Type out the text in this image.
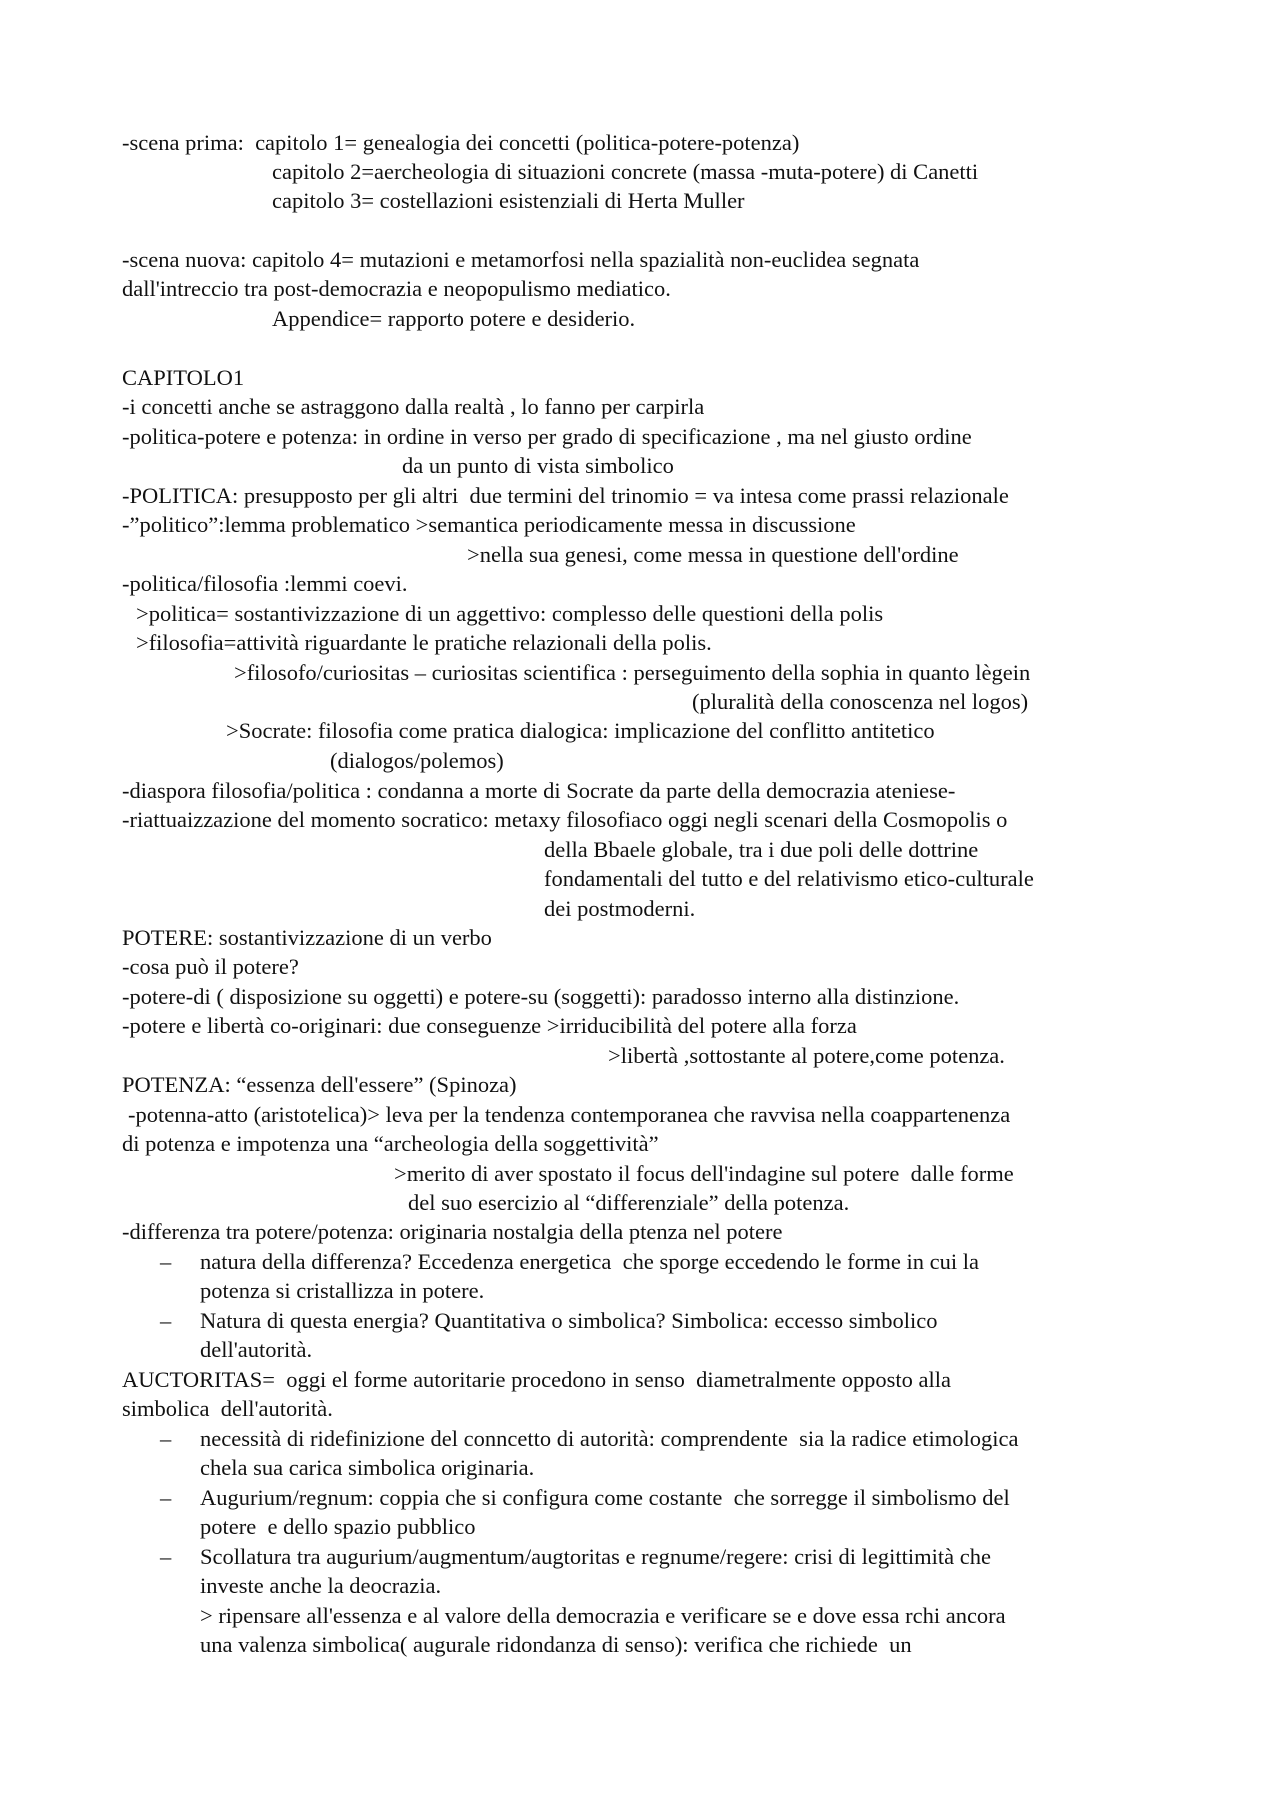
-scena prima:  capitolo 1= genealogia dei concetti (politica-potere-potenza)
capitolo 2=aercheologia di situazioni concrete (massa -muta-potere) di Canetti
capitolo 3= costellazioni esistenziali di Herta Muller
-scena nuova: capitolo 4= mutazioni e metamorfosi nella spazialità non-euclidea segnata
dall'intreccio tra post-democrazia e neopopulismo mediatico.
Appendice= rapporto potere e desiderio.
CAPITOLO1
-i concetti anche se astraggono dalla realtà , lo fanno per carpirla
-politica-potere e potenza: in ordine in verso per grado di specificazione , ma nel giusto ordine
da un punto di vista simbolico
-POLITICA: presupposto per gli altri  due termini del trinomio = va intesa come prassi relazionale
-”politico”:lemma problematico >semantica periodicamente messa in discussione
>nella sua genesi, come messa in questione dell'ordine
-politica/filosofia :lemmi coevi.
>politica= sostantivizzazione di un aggettivo: complesso delle questioni della polis
>filosofia=attività riguardante le pratiche relazionali della polis.
>filosofo/curiositas – curiositas scientifica : perseguimento della sophia in quanto lègein
(pluralità della conoscenza nel logos)
>Socrate: filosofia come pratica dialogica: implicazione del conflitto antitetico
(dialogos/polemos)
-diaspora filosofia/politica : condanna a morte di Socrate da parte della democrazia ateniese-
-riattuaizzazione del momento socratico: metaxy filosofiaco oggi negli scenari della Cosmopolis o
della Bbaele globale, tra i due poli delle dottrine
fondamentali del tutto e del relativismo etico-culturale
dei postmoderni.
POTERE: sostantivizzazione di un verbo
-cosa può il potere?
-potere-di ( disposizione su oggetti) e potere-su (soggetti): paradosso interno alla distinzione.
-potere e libertà co-originari: due conseguenze >irriducibilità del potere alla forza
>libertà ,sottostante al potere,come potenza.
POTENZA: “essenza dell'essere” (Spinoza)
-potenna-atto (aristotelica)> leva per la tendenza contemporanea che ravvisa nella coappartenenza
di potenza e impotenza una “archeologia della soggettività”
>merito di aver spostato il focus dell'indagine sul potere  dalle forme
del suo esercizio al “differenziale” della potenza.
-differenza tra potere/potenza: originaria nostalgia della ptenza nel potere
– natura della differenza? Eccedenza energetica  che sporge eccedendo le forme in cui la
potenza si cristallizza in potere.
– Natura di questa energia? Quantitativa o simbolica? Simbolica: eccesso simbolico
dell'autorità.
AUCTORITAS=  oggi el forme autoritarie procedono in senso  diametralmente opposto alla
simbolica  dell'autorità.
– necessità di ridefinizione del conncetto di autorità: comprendente  sia la radice etimologica
chela sua carica simbolica originaria.
– Augurium/regnum: coppia che si configura come costante  che sorregge il simbolismo del
potere  e dello spazio pubblico
– Scollatura tra augurium/augmentum/augtoritas e regnume/regere: crisi di legittimità che
investe anche la deocrazia.
> ripensare all'essenza e al valore della democrazia e verificare se e dove essa rchi ancora
una valenza simbolica( augurale ridondanza di senso): verifica che richiede  un
